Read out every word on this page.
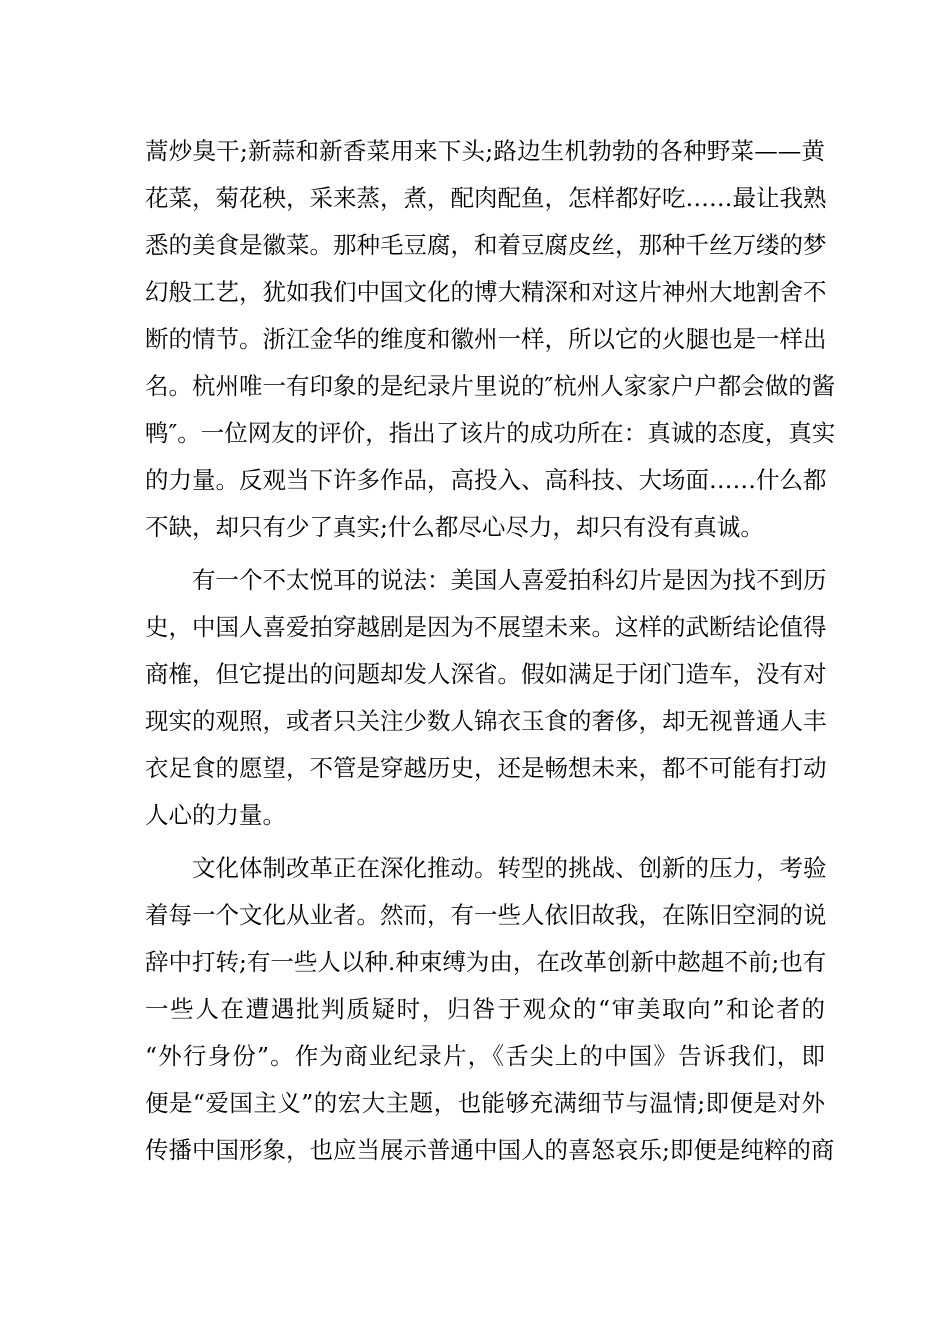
蒿炒臭干;新蒜和新香菜用来下头;路边生机勃勃的各种野菜——黄
花菜，菊花秧，采来蒸，煮，配肉配鱼，怎样都好吃……最让我熟
悉的美食是徽菜。那种毛豆腐，和着豆腐皮丝，那种千丝万缕的梦
幻般工艺，犹如我们中国文化的博大精深和对这片神州大地割舍不
断的情节。浙江金华的维度和徽州一样，所以它的火腿也是一样出
名。杭州唯一有印象的是纪录片里说的″杭州人家家户户都会做的酱
鸭″。一位网友的评价，指出了该片的成功所在：真诚的态度，真实
的力量。反观当下许多作品，高投入、高科技、大场面……什么都
不缺，却只有少了真实;什么都尽心尽力，却只有没有真诚。
有一个不太悦耳的说法：美国人喜爱拍科幻片是因为找不到历
史，中国人喜爱拍穿越剧是因为不展望未来。这样的武断结论值得
商榷，但它提出的问题却发人深省。假如满足于闭门造车，没有对
现实的观照，或者只关注少数人锦衣玉食的奢侈，却无视普通人丰
衣足食的愿望，不管是穿越历史，还是畅想未来，都不可能有打动
人心的力量。
文化体制改革正在深化推动。转型的挑战、创新的压力，考验
着每一个文化从业者。然而，有一些人依旧故我，在陈旧空洞的说
辞中打转;有一些人以种.种束缚为由，在改革创新中趑趄不前;也有
一些人在遭遇批判质疑时，归咎于观众的“审美取向”和论者的
“外行身份”。作为商业纪录片，《舌尖上的中国》告诉我们，即
便是“爱国主义”的宏大主题，也能够充满细节与温情;即便是对外
传播中国形象，也应当展示普通中国人的喜怒哀乐;即便是纯粹的商
